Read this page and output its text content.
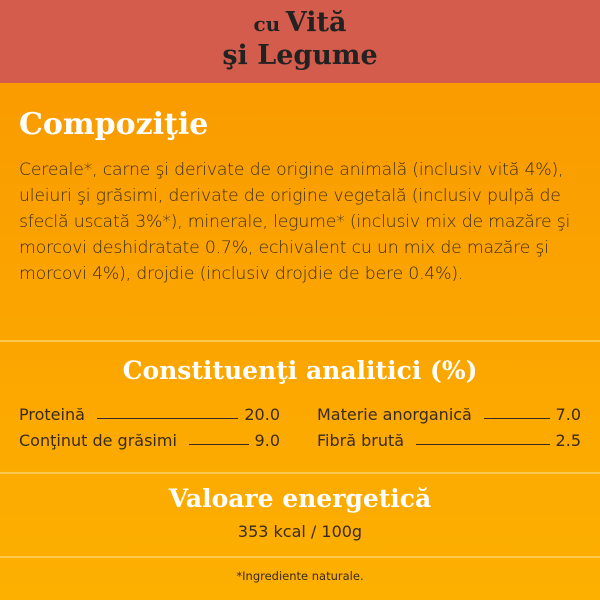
cu Vită
şi Legume
Compoziţie

Cereale*, carne şi derivate de origine animală (inclusiv vită 4%), uleiuri şi grăsimi, derivate de origine vegetală (inclusiv pulpă de sfeclă uscată 3%*), minerale, legume* (inclusiv mix de mazăre şi morcovi deshidratate 0.7%, echivalent cu un mix de mazăre şi morcovi 4%), drojdie (inclusiv drojdie de bere 0.4%).

Constituenţi analitici (%)
Proteină	20.0
Conţinut de grăsimi	9.0
Materie anorganică	7.0
Fibră brută	2.5
Valoare energetică
353 kcal / 100g
*Ingrediente naturale.
